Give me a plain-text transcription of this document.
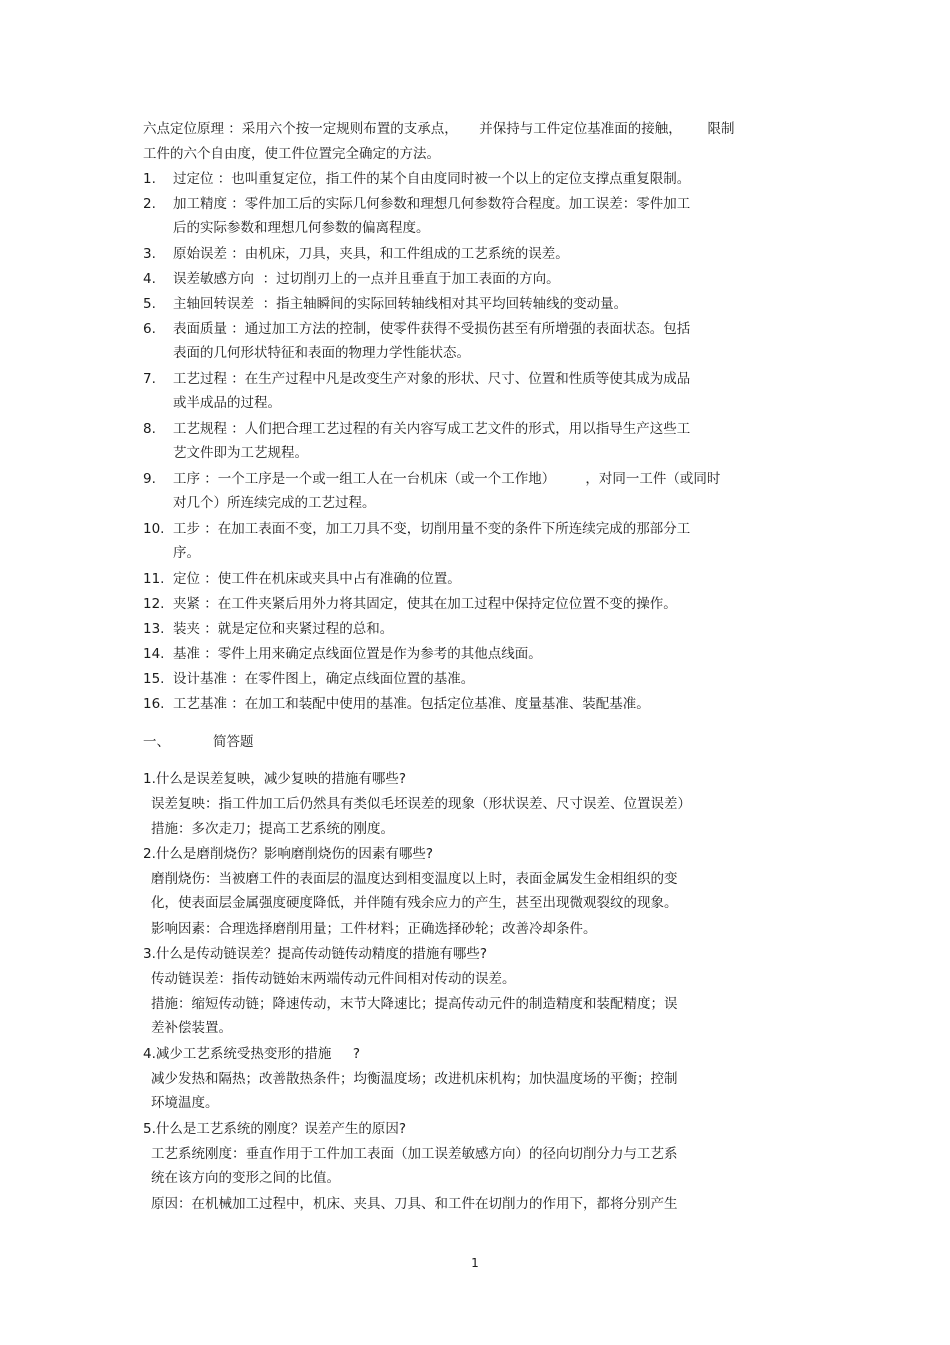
六点定位原理 ：采用六个按一定规则布置的支承点，     并保持与工件定位基准面的接触，      限制
工件的六个自由度，使工件位置完全确定的方法。
1. 过定位 ：也叫重复定位，指工件的某个自由度同时被一个以上的定位支撑点重复限制。
2. 加工精度 ：零件加工后的实际几何参数和理想几何参数符合程度。加工误差：零件加工
后的实际参数和理想几何参数的偏离程度。
3. 原始误差 ：由机床，刀具，夹具，和工件组成的工艺系统的误差。
4. 误差敏感方向  ：过切削刃上的一点并且垂直于加工表面的方向。
5. 主轴回转误差  ：指主轴瞬间的实际回转轴线相对其平均回转轴线的变动量。
6. 表面质量 ：通过加工方法的控制，使零件获得不受损伤甚至有所增强的表面状态。包括
表面的几何形状特征和表面的物理力学性能状态。
7. 工艺过程 ：在生产过程中凡是改变生产对象的形状、尺寸、位置和性质等使其成为成品
或半成品的过程。
8. 工艺规程 ：人们把合理工艺过程的有关内容写成工艺文件的形式，用以指导生产这些工
艺文件即为工艺规程。
9. 工序 ：一个工序是一个或一组工人在一台机床（或一个工作地）       ，对同一工件（或同时
对几个）所连续完成的工艺过程。
10. 工步 ：在加工表面不变，加工刀具不变，切削用量不变的条件下所连续完成的那部分工
序。
11. 定位 ：使工件在机床或夹具中占有准确的位置。
12. 夹紧 ：在工件夹紧后用外力将其固定，使其在加工过程中保持定位位置不变的操作。
13. 装夹 ：就是定位和夹紧过程的总和。
14. 基准 ：零件上用来确定点线面位置是作为参考的其他点线面。
15. 设计基准 ：在零件图上，确定点线面位置的基准。
16. 工艺基准 ：在加工和装配中使用的基准。包括定位基准、度量基准、装配基准。
一、	简答题
1.什么是误差复映，减少复映的措施有哪些?
误差复映：指工件加工后仍然具有类似毛坯误差的现象（形状误差、尺寸误差、位置误差）
措施：多次走刀；提高工艺系统的刚度。
2.什么是磨削烧伤？影响磨削烧伤的因素有哪些?
磨削烧伤：当被磨工件的表面层的温度达到相变温度以上时，表面金属发生金相组织的变
化，使表面层金属强度硬度降低，并伴随有残余应力的产生，甚至出现微观裂纹的现象。
影响因素：合理选择磨削用量；工件材料；正确选择砂轮；改善冷却条件。
3.什么是传动链误差？提高传动链传动精度的措施有哪些?
传动链误差：指传动链始末两端传动元件间相对传动的误差。
措施：缩短传动链；降速传动，末节大降速比；提高传动元件的制造精度和装配精度；误
差补偿装置。
4.减少工艺系统受热变形的措施     ?
减少发热和隔热；改善散热条件；均衡温度场；改进机床机构；加快温度场的平衡；控制
环境温度。
5.什么是工艺系统的刚度？误差产生的原因?
工艺系统刚度：垂直作用于工件加工表面（加工误差敏感方向）的径向切削分力与工艺系
统在该方向的变形之间的比值。
原因：在机械加工过程中，机床、夹具、刀具、和工件在切削力的作用下，都将分别产生
1
